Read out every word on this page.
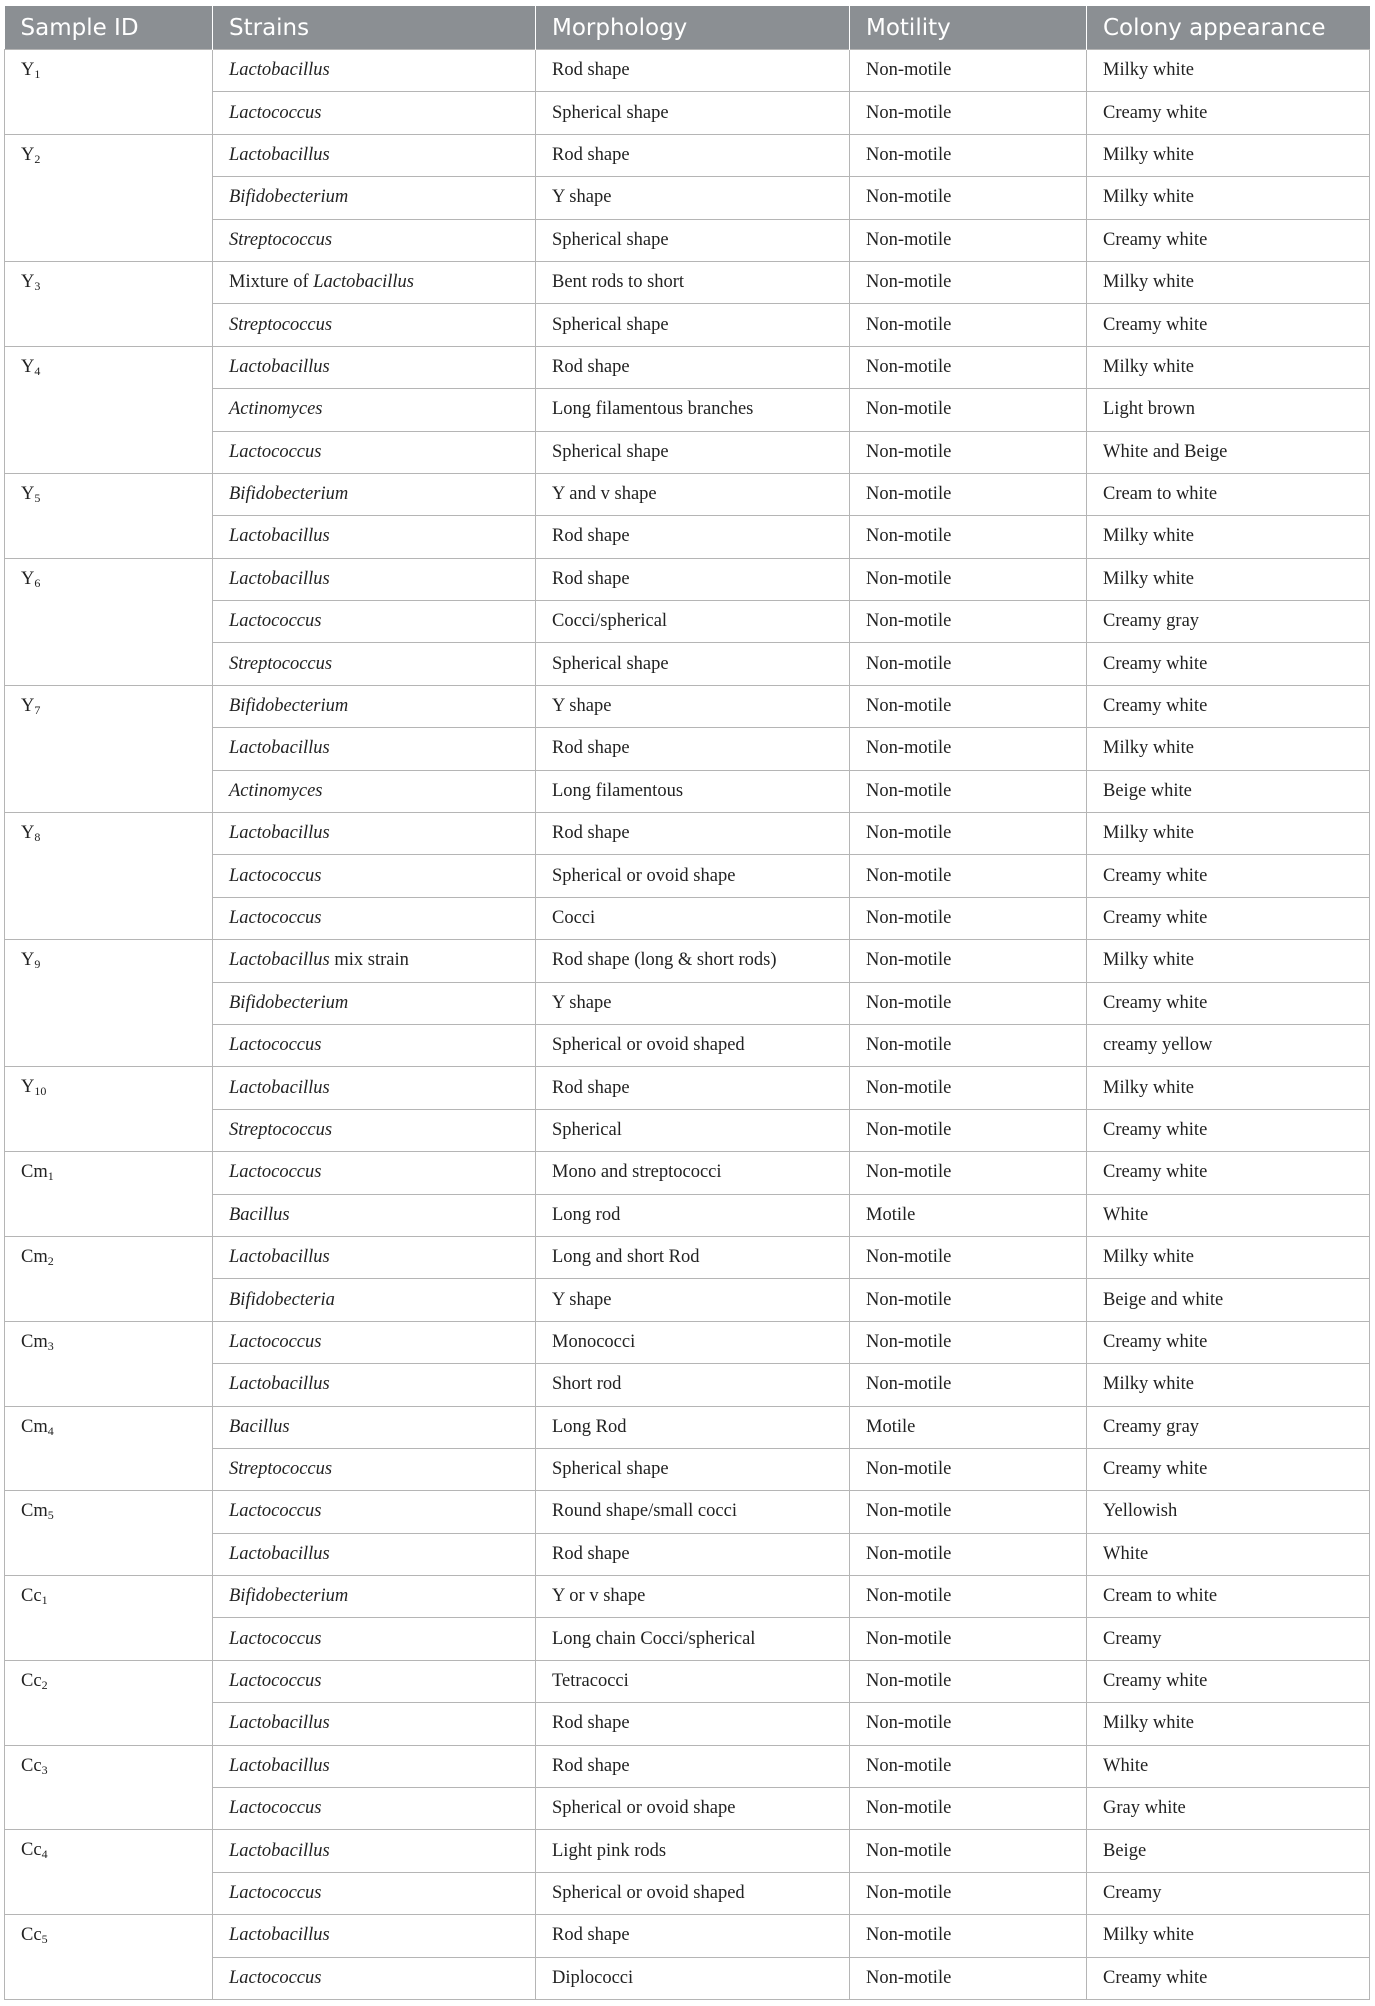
Sample ID	Strains	Morphology	Motility	Colony appearance
$Y_1$	Lactobacillus	Rod shape	Non-motile	Milky white
	Lactococcus	Spherical shape	Non-motile	Creamy white
$Y_2$	Lactobacillus	Rod shape	Non-motile	Milky white
	Bifidobecterium	Y shape	Non-motile	Milky white
	Streptococcus	Spherical shape	Non-motile	Creamy white
$Y_3$	Mixture of Lactobacillus	Bent rods to short	Non-motile	Milky white
	Streptococcus	Spherical shape	Non-motile	Creamy white
$Y_4$	Lactobacillus	Rod shape	Non-motile	Milky white
	Actinomyces	Long filamentous branches	Non-motile	Light brown
	Lactococcus	Spherical shape	Non-motile	White and Beige
$Y_5$	Bifidobecterium	Y and v shape	Non-motile	Cream to white
	Lactobacillus	Rod shape	Non-motile	Milky white
$Y_6$	Lactobacillus	Rod shape	Non-motile	Milky white
	Lactococcus	Cocci/spherical	Non-motile	Creamy gray
	Streptococcus	Spherical shape	Non-motile	Creamy white
$Y_7$	Bifidobecterium	Y shape	Non-motile	Creamy white
	Lactobacillus	Rod shape	Non-motile	Milky white
	Actinomyces	Long filamentous	Non-motile	Beige white
$Y_8$	Lactobacillus	Rod shape	Non-motile	Milky white
	Lactococcus	Spherical or ovoid shape	Non-motile	Creamy white
	Lactococcus	Cocci	Non-motile	Creamy white
$Y_9$	Lactobacillus mix strain	Rod shape (long & short rods)	Non-motile	Milky white
	Bifidobecterium	Y shape	Non-motile	Creamy white
	Lactococcus	Spherical or ovoid shaped	Non-motile	creamy yellow
$Y_{10}$	Lactobacillus	Rod shape	Non-motile	Milky white
	Streptococcus	Spherical	Non-motile	Creamy white
$Cm_1$	Lactococcus	Mono and streptococci	Non-motile	Creamy white
	Bacillus	Long rod	Motile	White
$Cm_2$	Lactobacillus	Long and short Rod	Non-motile	Milky white
	Bifidobecteria	Y shape	Non-motile	Beige and white
$Cm_3$	Lactococcus	Monococci	Non-motile	Creamy white
	Lactobacillus	Short rod	Non-motile	Milky white
$Cm_4$	Bacillus	Long Rod	Motile	Creamy gray
	Streptococcus	Spherical shape	Non-motile	Creamy white
$Cm_5$	Lactococcus	Round shape/small cocci	Non-motile	Yellowish
	Lactobacillus	Rod shape	Non-motile	White
$Cc_1$	Bifidobecterium	Y or v shape	Non-motile	Cream to white
	Lactococcus	Long chain Cocci/spherical	Non-motile	Creamy
$Cc_2$	Lactococcus	Tetracocci	Non-motile	Creamy white
	Lactobacillus	Rod shape	Non-motile	Milky white
$Cc_3$	Lactobacillus	Rod shape	Non-motile	White
	Lactococcus	Spherical or ovoid shape	Non-motile	Gray white
$Cc_4$	Lactobacillus	Light pink rods	Non-motile	Beige
	Lactococcus	Spherical or ovoid shaped	Non-motile	Creamy
$Cc_5$	Lactobacillus	Rod shape	Non-motile	Milky white
	Lactococcus	Diplococci	Non-motile	Creamy white
